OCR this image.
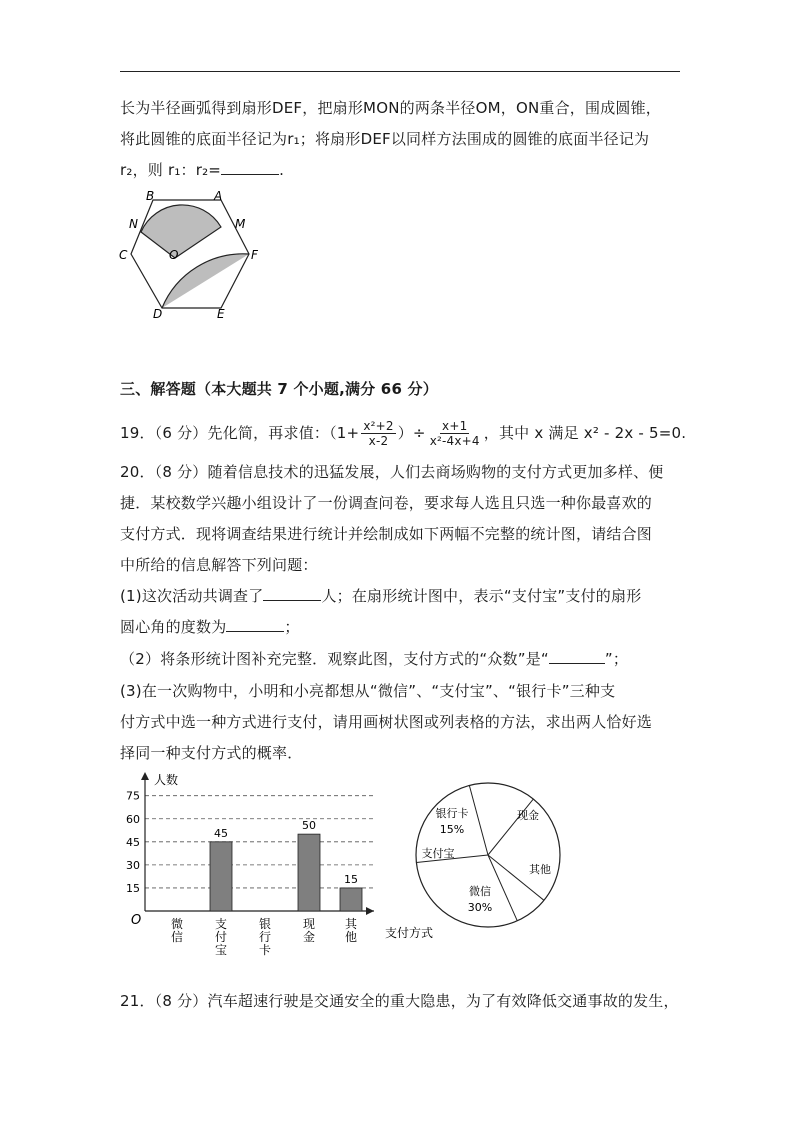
长为半径画弧得到扇形DEF，把扇形MON的两条半径OM，ON重合，围成圆锥，
将此圆锥的底面半径记为r₁；将扇形DEF以同样方法围成的圆锥的底面半径记为
r₂，则 r₁：r₂=	.
B	A
N	M
C	O	F
D	E
三、解答题（本大题共 7 个小题,满分 66 分）
19．（6 分）先化简，再求值：（$1+ \frac{\text{x²+2}}{x-2}$ ）÷ $\frac{x+1}{\text{x²-4x+4}}$ ，其中 x 满足 x² - 2x - 5=0.
20．（8 分）随着信息技术的迅猛发展，人们去商场购物的支付方式更加多样、便
捷．某校数学兴趣小组设计了一份调查问卷，要求每人选且只选一种你最喜欢的
支付方式．现将调查结果进行统计并绘制成如下两幅不完整的统计图，请结合图
中所给的信息解答下列问题：
(1)这次活动共调查了	人；在扇形统计图中，表示“支付宝”支付的扇形
圆心角的度数为	；
（2）将条形统计图补充完整．观察此图，支付方式的“众数”是“	”；
(3)在一次购物中，小明和小亮都想从“微信”、“支付宝”、“银行卡”三种支
付方式中选一种方式进行支付，请用画树状图或列表格的方法，求出两人恰好选
择同一种支付方式的概率．
15
30
45
60
75
人数
支付方式
O 微
信
45
支
付
宝
银
行
卡
50
现
金
15
其
他
银行卡
15%
现金
其他
微信
30%
支付宝
21．（8 分）汽车超速行驶是交通安全的重大隐患，为了有效降低交通事故的发生，
